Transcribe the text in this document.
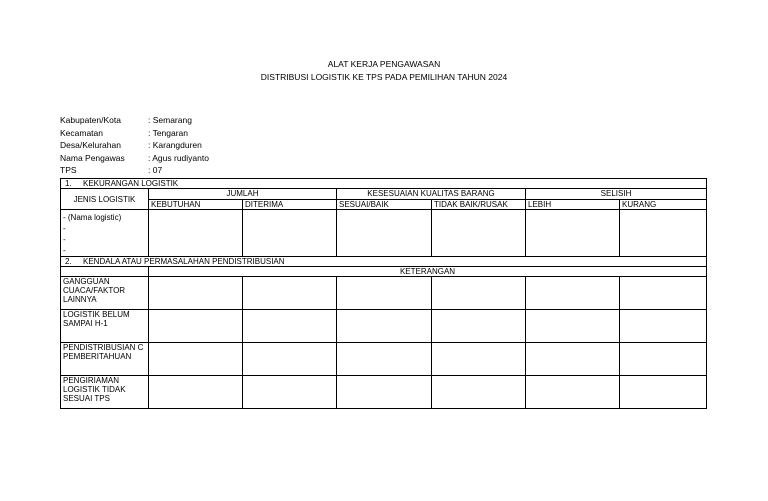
ALAT KERJA PENGAWASAN
DISTRIBUSI LOGISTIK KE TPS PADA PEMILIHAN TAHUN 2024
Kabupaten/Kota	: Semarang
Kecamatan	: Tengaran
Desa/Kelurahan	: Karangduren
Nama Pengawas	: Agus rudiyanto
TPS	: 07
1. KEKURANGAN LOGISTIK						
JENIS LOGISTIK	JUMLAH		KESESUAIAN KUALITAS BARANG		SELISIH	
	KEBUTUHAN	DITERIMA	SESUAI/BAIK	TIDAK BAIK/RUSAK	LEBIH	KURANG

- (Nama logistic)
-
-
-						

2. KENDALA ATAU PERMASALAHAN PENDISTRIBUSIAN						
	KETERANGAN					
GANGGUAN CUACA/FAKTOR LAINNYA						
LOGISTIK BELUM SAMPAI H-1						
PENDISTRIBUSIAN C PEMBERITAHUAN						
PENGIRIAMAN LOGISTIK TIDAK SESUAI TPS						
